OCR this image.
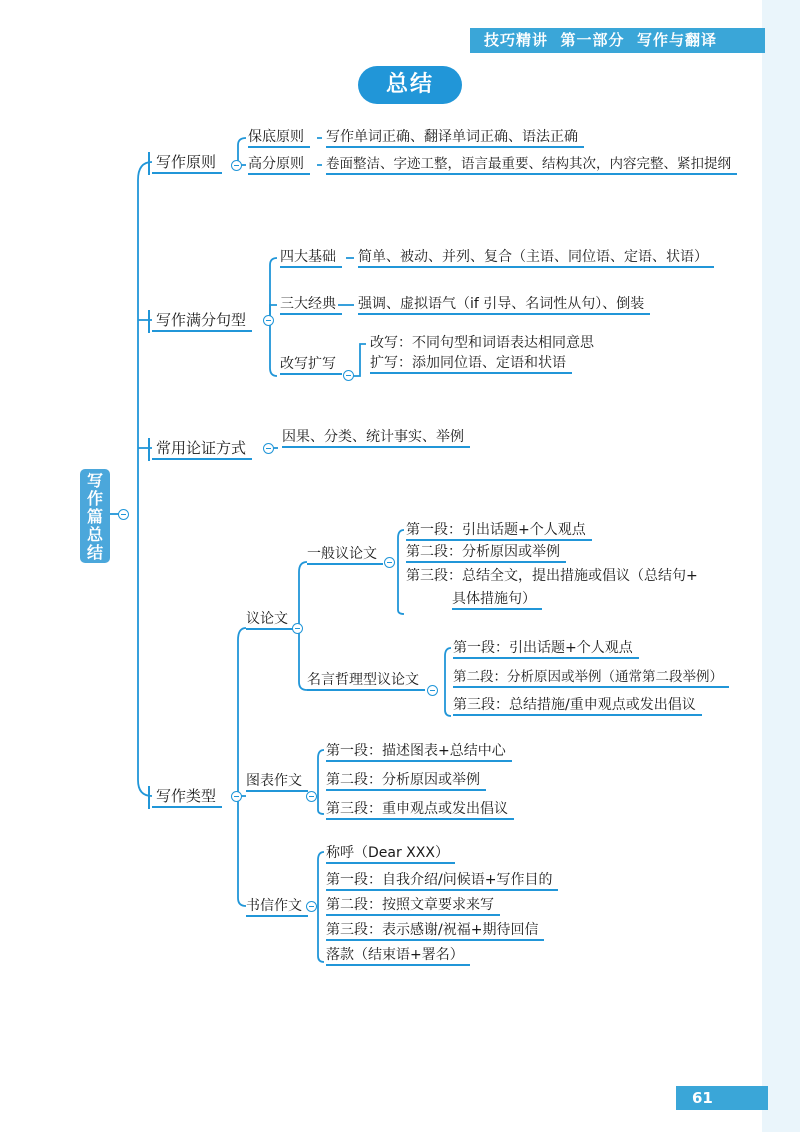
技巧精讲 第一部分 写作与翻译
总结
写
作
篇
总
结
写作原则
保底原则
高分原则
写作单词正确、翻译单词正确、语法正确
卷面整洁、字迹工整，语言最重要、结构其次，内容完整、紧扣提纲
写作满分句型
四大基础
三大经典
改写扩写
简单、被动、并列、复合（主语、同位语、定语、状语）
强调、虚拟语气（if 引导、名词性从句）、倒装
改写：不同句型和词语表达相同意思
扩写：添加同位语、定语和状语
常用论证方式
因果、分类、统计事实、举例
写作类型
议论文
一般议论文
第一段：引出话题+个人观点
第二段：分析原因或举例
第三段：总结全文，提出措施或倡议（总结句+
具体措施句）
名言哲理型议论文
第一段：引出话题+个人观点
第二段：分析原因或举例（通常第二段举例）
第三段：总结措施/重申观点或发出倡议
图表作文
第一段：描述图表+总结中心
第二段：分析原因或举例
第三段：重申观点或发出倡议
书信作文
称呼（Dear XXX）
第一段：自我介绍/问候语+写作目的
第二段：按照文章要求来写
第三段：表示感谢/祝福+期待回信
落款（结束语+署名）
61
